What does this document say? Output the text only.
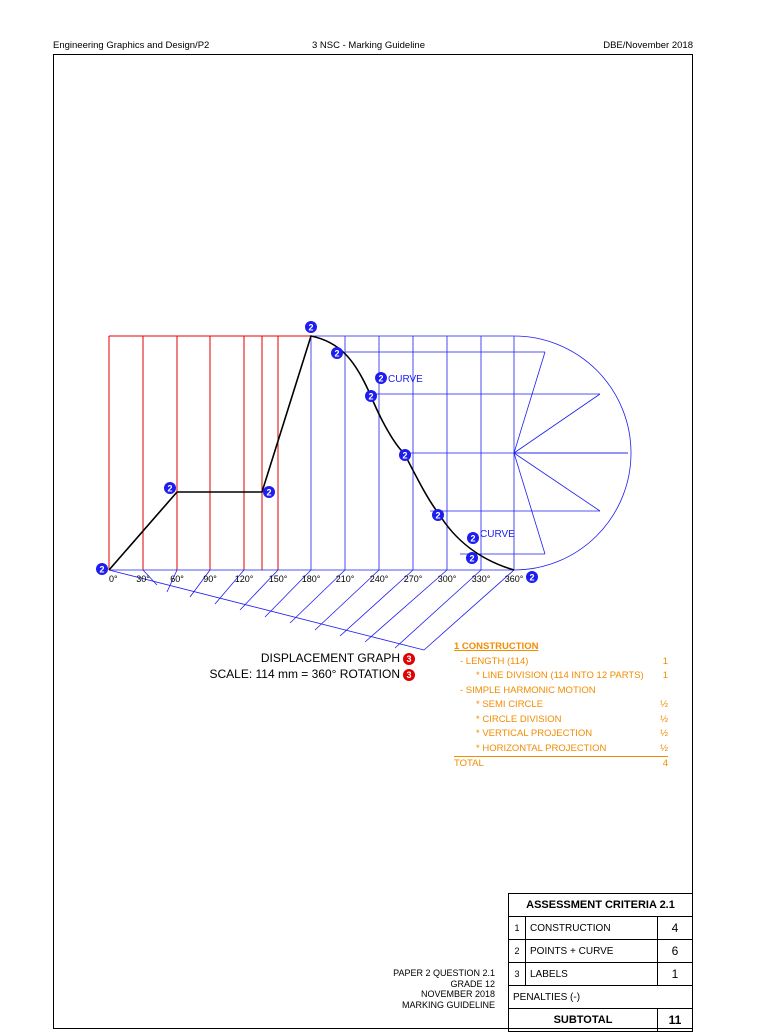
Engineering Graphics and Design/P2	3 NSC - Marking Guideline	DBE/November 2018
0° 30° 60° 90° 120° 150° 180° 210° 240° 270° 300° 330° 360°
2
2	2
2
2
2
2
2
2
2
2
2
CURVE
CURVE
DISPLACEMENT GRAPH 3
SCALE: 114 mm = 360° ROTATION 3
1 CONSTRUCTION
- LENGTH (114)	1
* LINE DIVISION (114 INTO 12 PARTS) 1
- SIMPLE HARMONIC MOTION
* SEMI CIRCLE	½
* CIRCLE DIVISION	½
* VERTICAL PROJECTION	½
* HORIZONTAL PROJECTION	½
TOTAL	4
ASSESSMENT CRITERIA 2.1		
1	CONSTRUCTION	4
2	POINTS + CURVE	6
3	LABELS	1
PENALTIES (-)		
SUBTOTAL		11
PAPER 2 QUESTION 2.1
GRADE 12
NOVEMBER 2018
MARKING GUIDELINE
